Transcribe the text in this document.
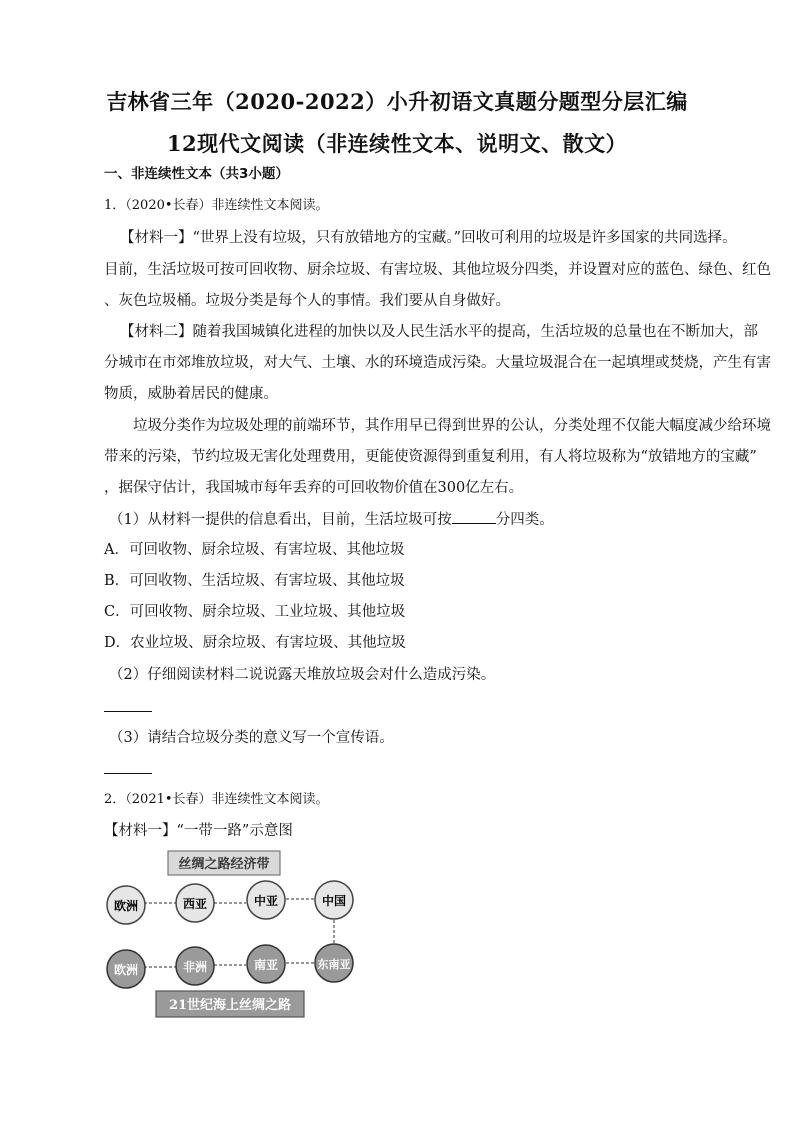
吉林省三年（2020-2022）小升初语文真题分题型分层汇编
12现代文阅读（非连续性文本、说明文、散文）
一、非连续性文本（共3小题）
1．（2020•长春）非连续性文本阅读。
【材料一】“世界上没有垃圾，只有放错地方的宝藏。”回收可利用的垃圾是许多国家的共同选择。
目前，生活垃圾可按可回收物、厨余垃圾、有害垃圾、其他垃圾分四类，并设置对应的蓝色、绿色、红色
、灰色垃圾桶。垃圾分类是每个人的事情。我们要从自身做好。
【材料二】随着我国城镇化进程的加快以及人民生活水平的提高，生活垃圾的总量也在不断加大，部
分城市在市郊堆放垃圾，对大气、土壤、水的环境造成污染。大量垃圾混合在一起填埋或焚烧，产生有害
物质，威胁着居民的健康。
垃圾分类作为垃圾处理的前端环节，其作用早已得到世界的公认，分类处理不仅能大幅度减少给环境
带来的污染，节约垃圾无害化处理费用，更能使资源得到重复利用，有人将垃圾称为“放错地方的宝藏”
，据保守估计，我国城市每年丢弃的可回收物价值在300亿左右。
（1）从材料一提供的信息看出，目前，生活垃圾可按	分四类。
A．可回收物、厨余垃圾、有害垃圾、其他垃圾
B．可回收物、生活垃圾、有害垃圾、其他垃圾
C．可回收物、厨余垃圾、工业垃圾、其他垃圾
D．农业垃圾、厨余垃圾、有害垃圾、其他垃圾
（2）仔细阅读材料二说说露天堆放垃圾会对什么造成污染。
（3）请结合垃圾分类的意义写一个宣传语。
2．（2021•长春）非连续性文本阅读。
【材料一】“一带一路”示意图
丝绸之路经济带
欧洲	西亚	中亚	中国
欧洲	非洲	南亚	东南亚
21世纪海上丝绸之路
